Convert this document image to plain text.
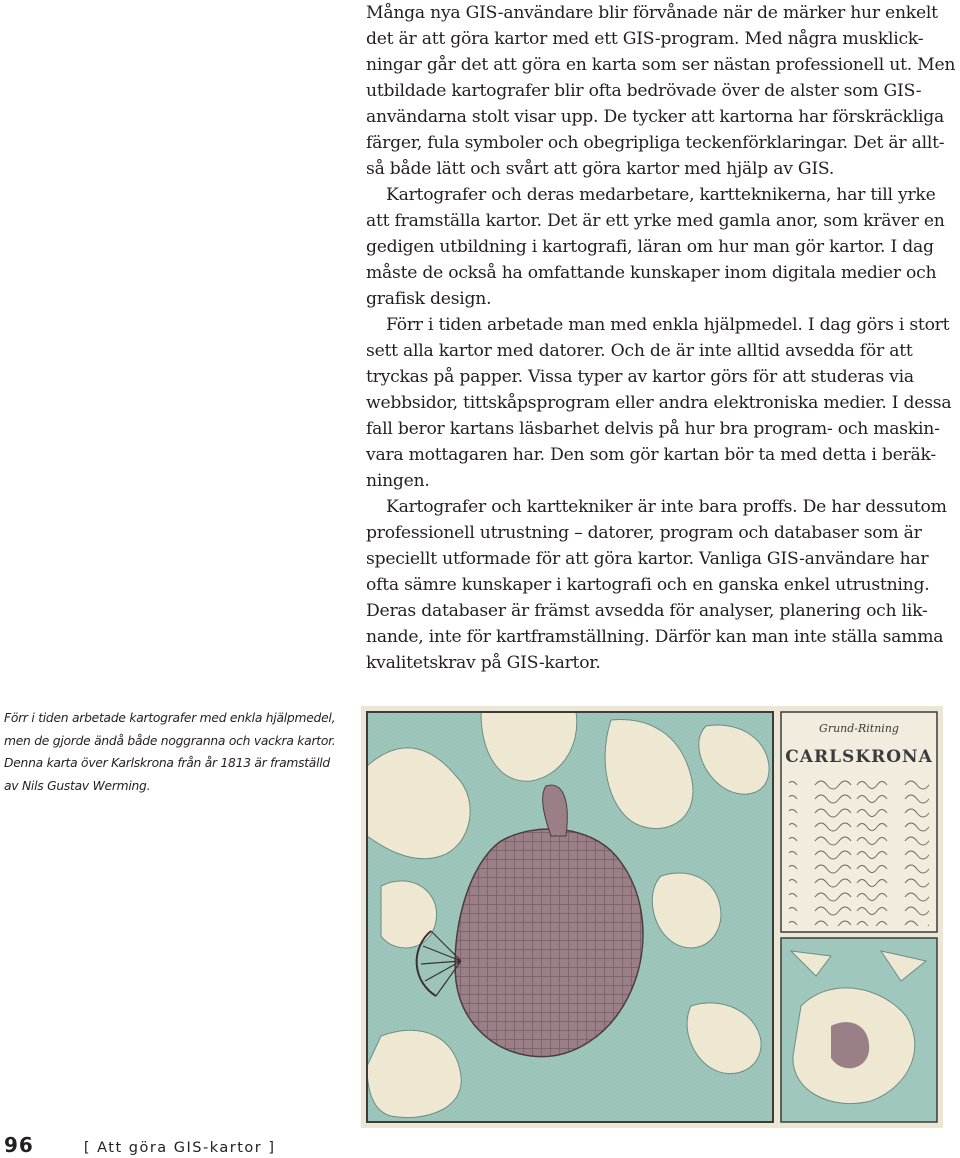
Många nya GIS-användare blir förvånade när de märker hur enkelt det är att göra kartor med ett GIS-program. Med några musklick-ningar går det att göra en karta som ser nästan professionell ut. Men utbildade kartografer blir ofta bedrövade över de alster som GIS-användarna stolt visar upp. De tycker att kartorna har förskräckliga färger, fula symboler och obegripliga teckenförklaringar. Det är allt-så både lätt och svårt att göra kartor med hjälp av GIS.

Kartografer och deras medarbetare, kartteknikerna, har till yrke att framställa kartor. Det är ett yrke med gamla anor, som kräver en gedigen utbildning i kartografi, läran om hur man gör kartor. I dag måste de också ha omfattande kunskaper inom digitala medier och grafisk design.

Förr i tiden arbetade man med enkla hjälpmedel. I dag görs i stort sett alla kartor med datorer. Och de är inte alltid avsedda för att tryckas på papper. Vissa typer av kartor görs för att studeras via webbsidor, tittskåpsprogram eller andra elektroniska medier. I dessa fall beror kartans läsbarhet delvis på hur bra program- och maskin-vara mottagaren har. Den som gör kartan bör ta med detta i beräk-ningen.

Kartografer och karttekniker är inte bara proffs. De har dessutom professionell utrustning – datorer, program och databaser som är speciellt utformade för att göra kartor. Vanliga GIS-användare har ofta sämre kunskaper i kartografi och en ganska enkel utrustning. Deras databaser är främst avsedda för analyser, planering och lik-nande, inte för kartframställning. Därför kan man inte ställa samma kvalitetskrav på GIS-kartor.

Förr i tiden arbetade kartografer med enkla hjälpmedel,
men de gjorde ändå både noggranna och vackra kartor.
Denna karta över Karlskrona från år 1813 är framställd
av Nils Gustav Werming.
Grund-Ritning
CARLSKRONA
96	[ Att göra GIS-kartor ]
